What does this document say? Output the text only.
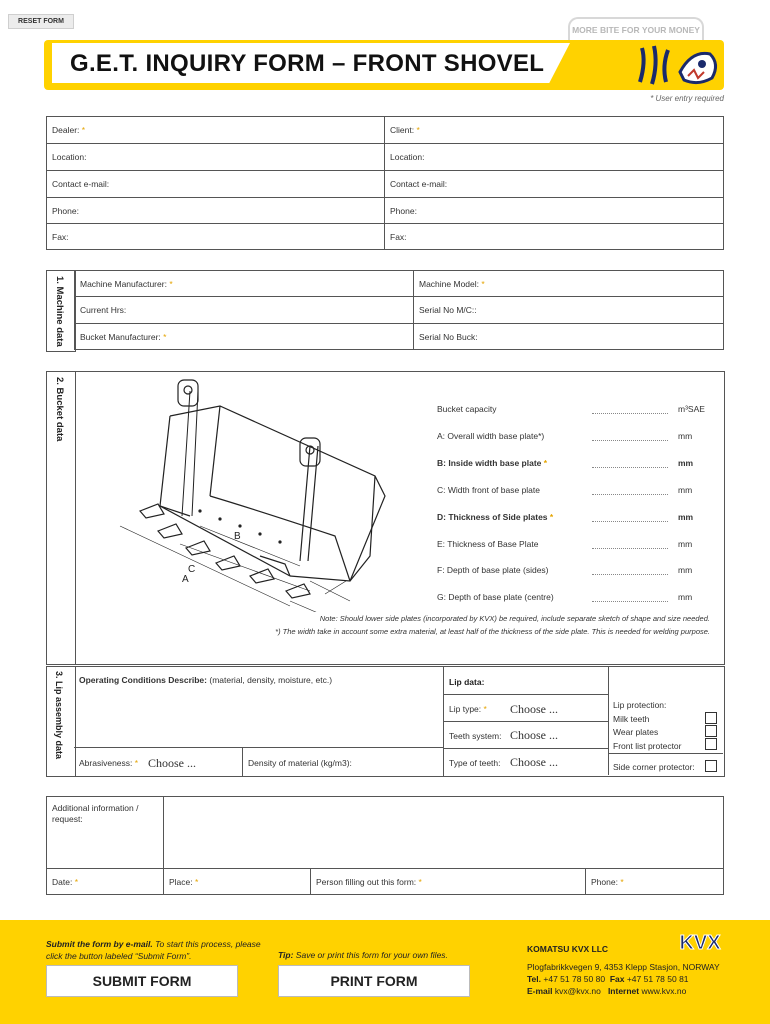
RESET FORM
MORE BITE FOR YOUR MONEY
G.E.T. INQUIRY FORM – FRONT SHOVEL
* User entry required
Dealer: *	Client: *
Location:	Location:
Contact e-mail:	Contact e-mail:
Phone:	Phone:
Fax:	Fax:
1. Machine data Machine Manufacturer: *	Machine Model: *
Current Hrs:	Serial No M/C::
Bucket Manufacturer: *	Serial No Buck:
2. Bucket data
B
C
A
Bucket capacity	m³SAE
A: Overall width base plate*)	mm
B: Inside width base plate *	mm
C: Width front of base plate	mm
D: Thickness of Side plates *	mm
E: Thickness of Base Plate	mm
F: Depth of base plate (sides)	mm
G: Depth of base plate (centre)	mm
Note: Should lower side plates (incorporated by KVX) be required, include separate sketch of shape and size needed.
*) The width take in account some extra material, at least half of the thickness of the side plate. This is needed for welding purpose.
3. Lip assembly data Operating Conditions Describe: (material, density, moisture, etc.)
Abrasiveness: * Choose ...	Density of material (kg/m3):
Lip data:
Lip type: * Choose ...
Teeth system: Choose ...
Type of teeth: Choose ...
Lip protection:
Milk teeth
Wear plates
Front list protector
Side corner protector:
Additional information / request:			
Date: *	Place: *	Person filling out this form: *	Phone: *
Submit the form by e-mail. To start this process, please click the button labeled “Submit Form”.
SUBMIT FORM
Tip: Save or print this form for your own files.
PRINT FORM
KOMATSU KVX LLC	KVX
Plogfabrikkvegen 9, 4353 Klepp Stasjon, NORWAY
Tel. +47 51 78 50 80 Fax +47 51 78 50 81
E-mail kvx@kvx.no Internet www.kvx.no
